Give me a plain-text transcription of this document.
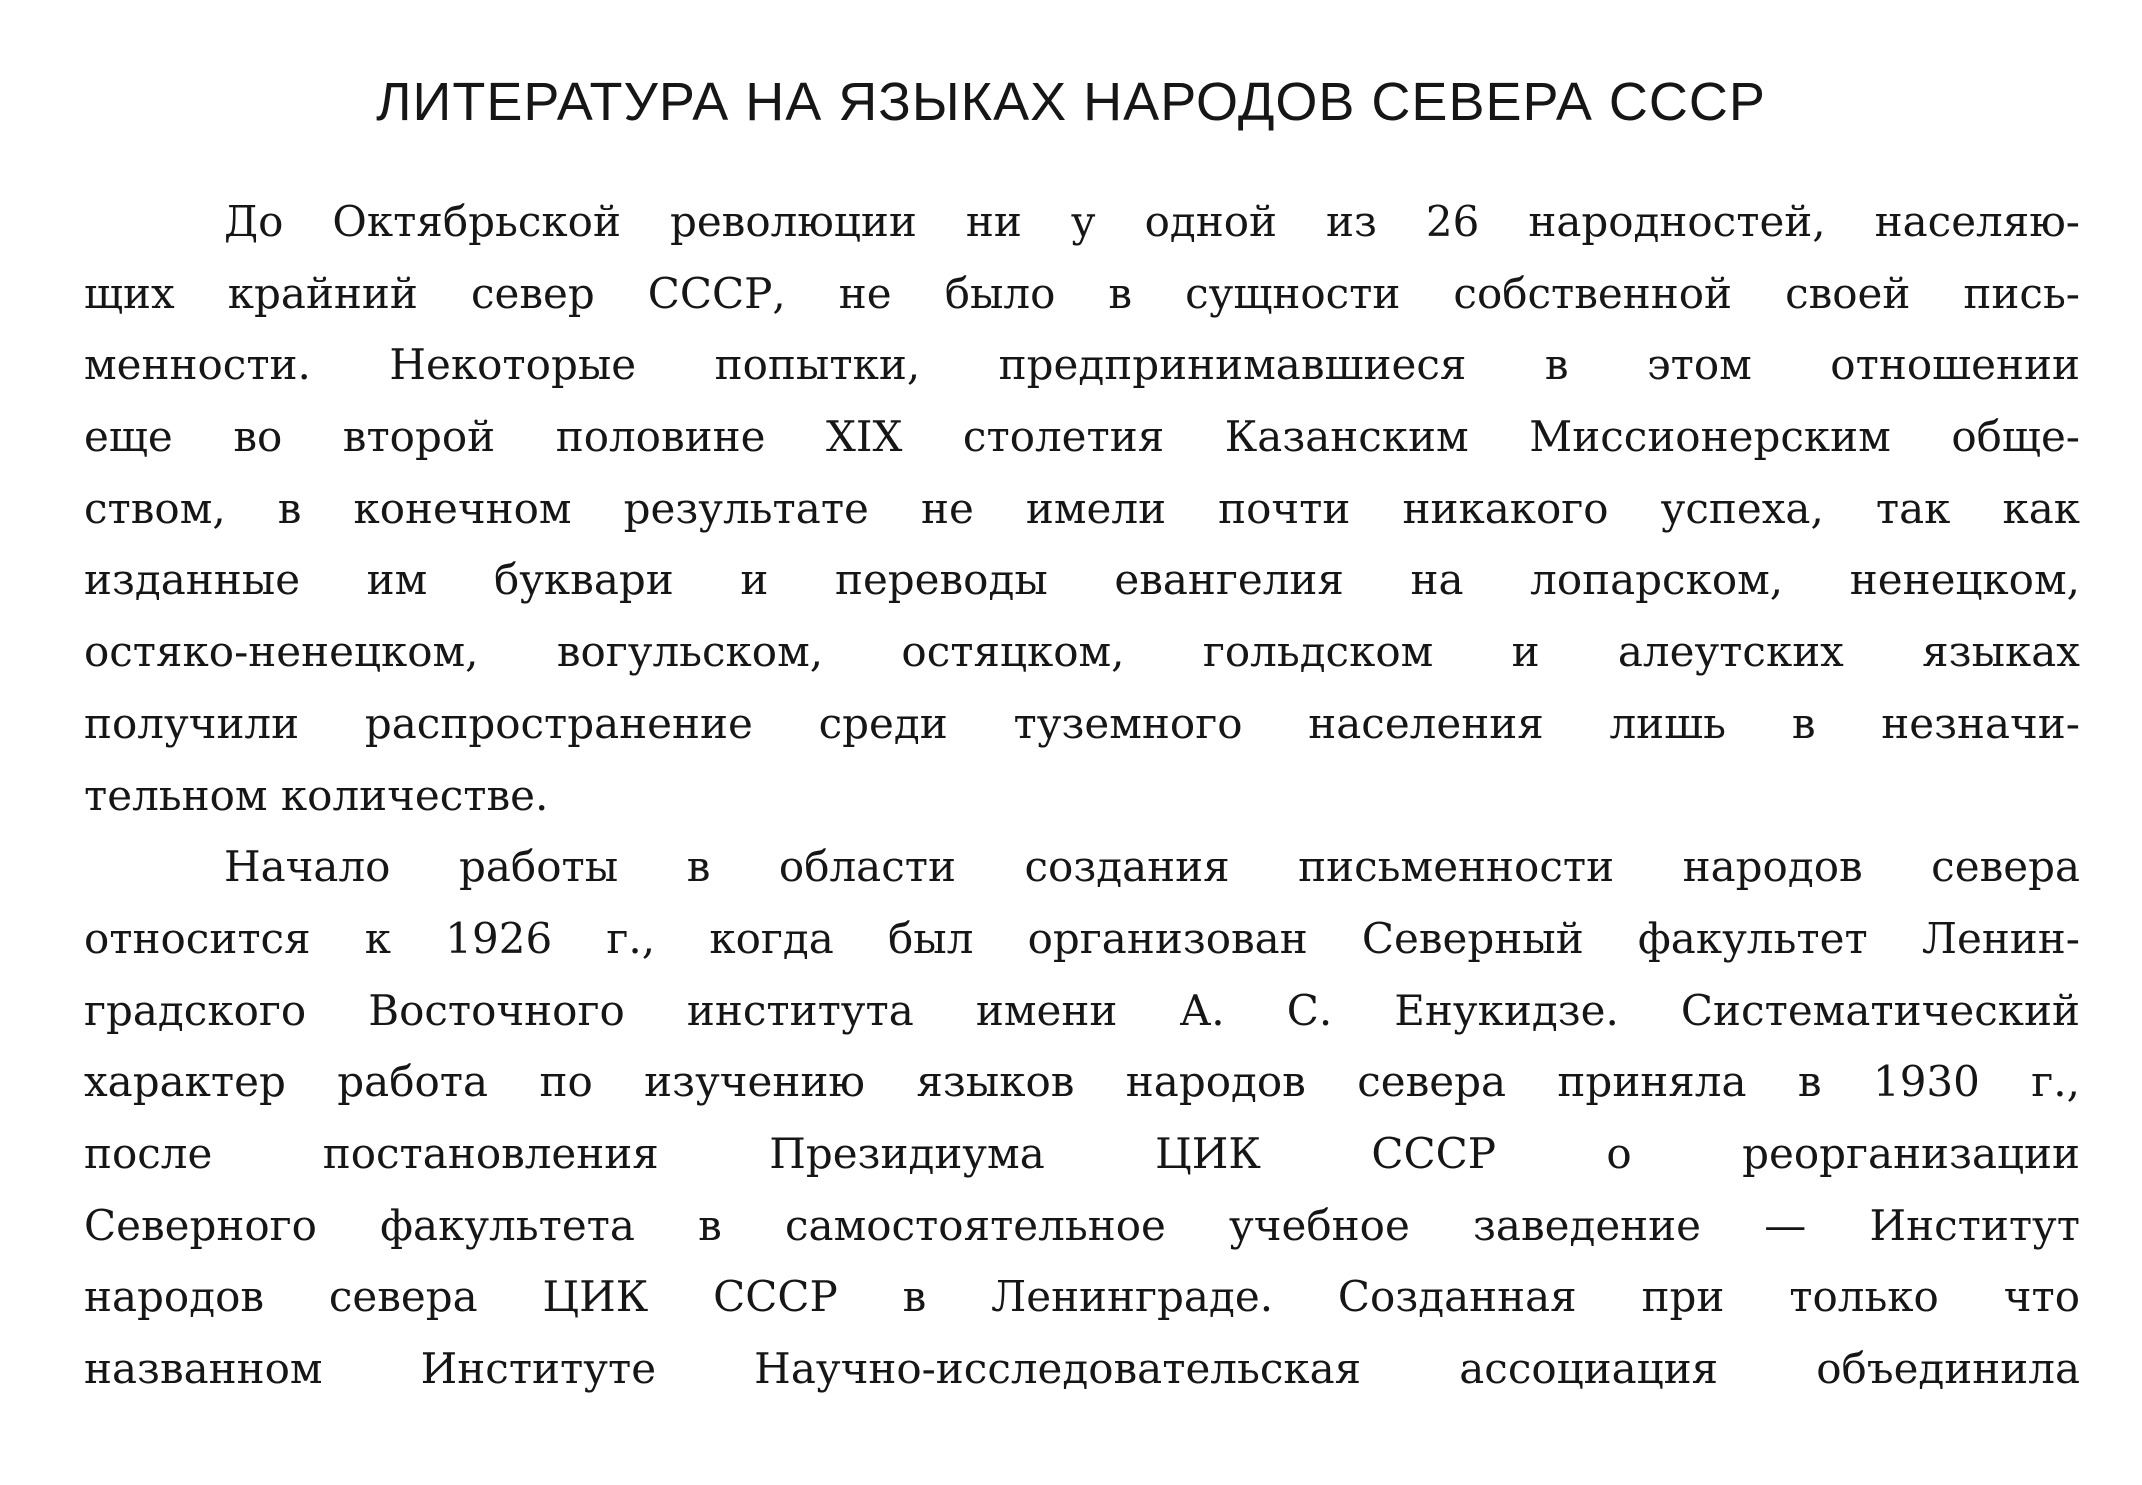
ЛИТЕРАТУРА НА ЯЗЫКАХ НАРОДОВ СЕВЕРА СССР
До Октябрьской революции ни у одной из 26 народностей, населяю-
щих крайний север СССР, не было в сущности собственной своей пись-
менности. Некоторые попытки, предпринимавшиеся в этом отношении
еще во второй половине XIX столетия Казанским Миссионерским обще-
ством, в конечном результате не имели почти никакого успеха, так как
изданные им буквари и переводы евангелия на лопарском, ненецком,
остяко-ненецком, вогульском, остяцком, гольдском и алеутских языках
получили распространение среди туземного населения лишь в незначи-
тельном количестве.
Начало работы в области создания письменности народов севера
относится к 1926 г., когда был организован Северный факультет Ленин-
градского Восточного института имени А. С. Енукидзе. Систематический
характер работа по изучению языков народов севера приняла в 1930 г.,
после постановления Президиума ЦИК СССР о реорганизации
Северного факультета в самостоятельное учебное заведение — Институт
народов севера ЦИК СССР в Ленинграде. Созданная при только что
названном Институте Научно-исследовательская ассоциация объединила
